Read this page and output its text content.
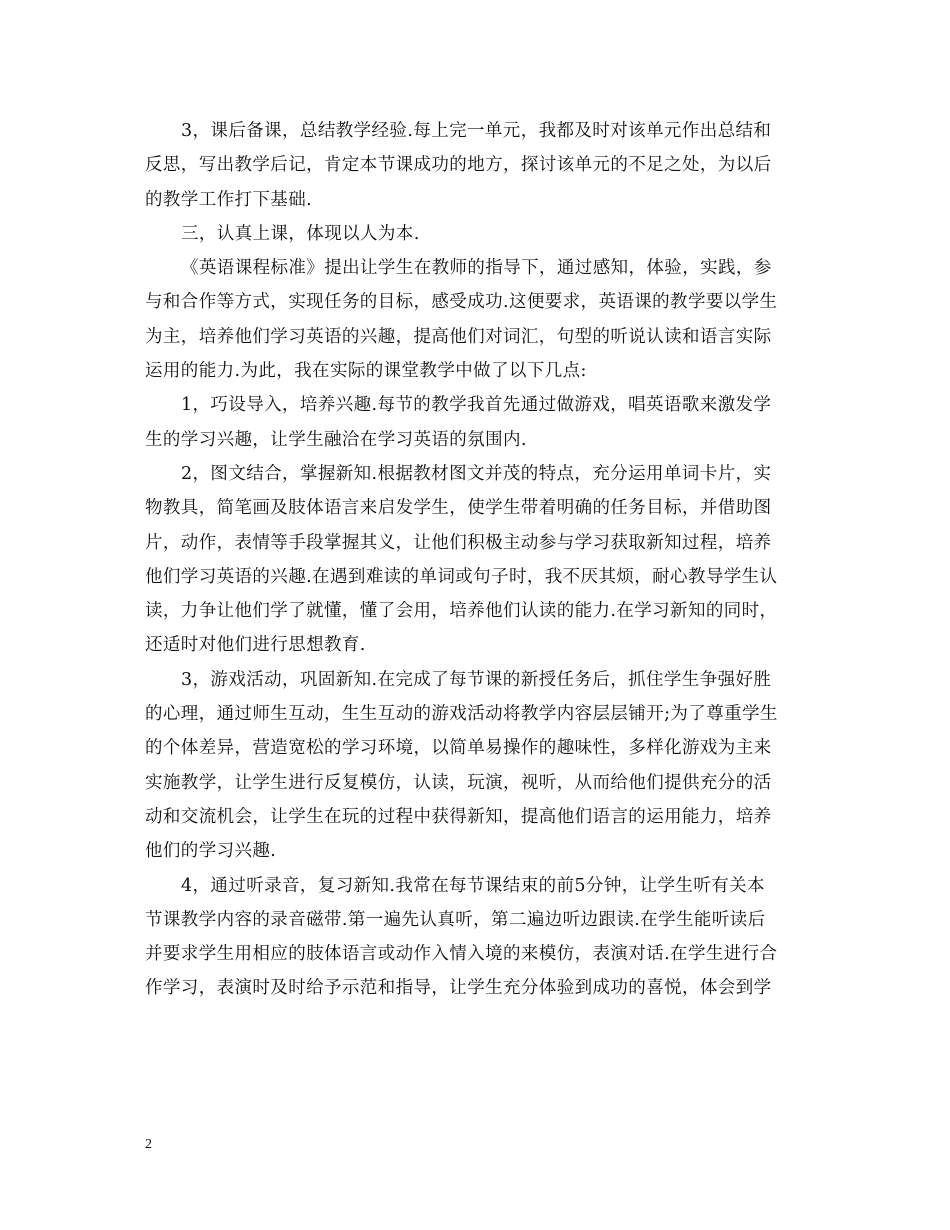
3，课后备课，总结教学经验.每上完一单元，我都及时对该单元作出总结和
反思，写出教学后记，肯定本节课成功的地方，探讨该单元的不足之处，为以后
的教学工作打下基础.
三，认真上课，体现以人为本.
《英语课程标准》提出让学生在教师的指导下，通过感知，体验，实践，参
与和合作等方式，实现任务的目标，感受成功.这便要求，英语课的教学要以学生
为主，培养他们学习英语的兴趣，提高他们对词汇，句型的听说认读和语言实际
运用的能力.为此，我在实际的课堂教学中做了以下几点:
1，巧设导入，培养兴趣.每节的教学我首先通过做游戏，唱英语歌来激发学
生的学习兴趣，让学生融洽在学习英语的氛围内.
2，图文结合，掌握新知.根据教材图文并茂的特点，充分运用单词卡片，实
物教具，简笔画及肢体语言来启发学生，使学生带着明确的任务目标，并借助图
片，动作，表情等手段掌握其义，让他们积极主动参与学习获取新知过程，培养
他们学习英语的兴趣.在遇到难读的单词或句子时，我不厌其烦，耐心教导学生认
读，力争让他们学了就懂，懂了会用，培养他们认读的能力.在学习新知的同时，
还适时对他们进行思想教育.
3，游戏活动，巩固新知.在完成了每节课的新授任务后，抓住学生争强好胜
的心理，通过师生互动，生生互动的游戏活动将教学内容层层铺开;为了尊重学生
的个体差异，营造宽松的学习环境，以简单易操作的趣味性，多样化游戏为主来
实施教学，让学生进行反复模仿，认读，玩演，视听，从而给他们提供充分的活
动和交流机会，让学生在玩的过程中获得新知，提高他们语言的运用能力，培养
他们的学习兴趣.
4，通过听录音，复习新知.我常在每节课结束的前5分钟，让学生听有关本
节课教学内容的录音磁带.第一遍先认真听，第二遍边听边跟读.在学生能听读后
并要求学生用相应的肢体语言或动作入情入境的来模仿，表演对话.在学生进行合
作学习，表演时及时给予示范和指导，让学生充分体验到成功的喜悦，体会到学
2
